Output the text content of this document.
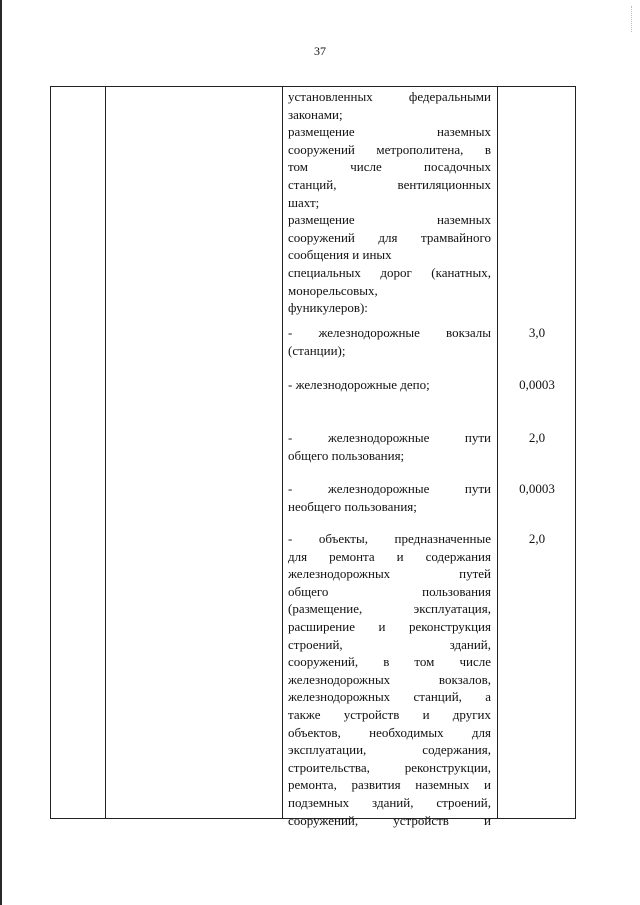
37
установленных федеральными
законами;
размещение наземных
сооружений метрополитена, в
том числе посадочных
станций, вентиляционных
шахт;
размещение наземных
сооружений для трамвайного
сообщения и иных
специальных дорог (канатных,
монорельсовых,
фуникулеров):
- железнодорожные вокзалы
(станции);
- железнодорожные депо;
- железнодорожные пути
общего пользования;
- железнодорожные пути
необщего пользования;
- объекты, предназначенные
для ремонта и содержания
железнодорожных путей
общего пользования
(размещение, эксплуатация,
расширение и реконструкция
строений, зданий,
сооружений, в том числе
железнодорожных вокзалов,
железнодорожных станций, а
также устройств и других
объектов, необходимых для
эксплуатации, содержания,
строительства, реконструкции,
ремонта, развития наземных и
подземных зданий, строений,
сооружений, устройств и
3,0
0,0003
2,0
0,0003
2,0
